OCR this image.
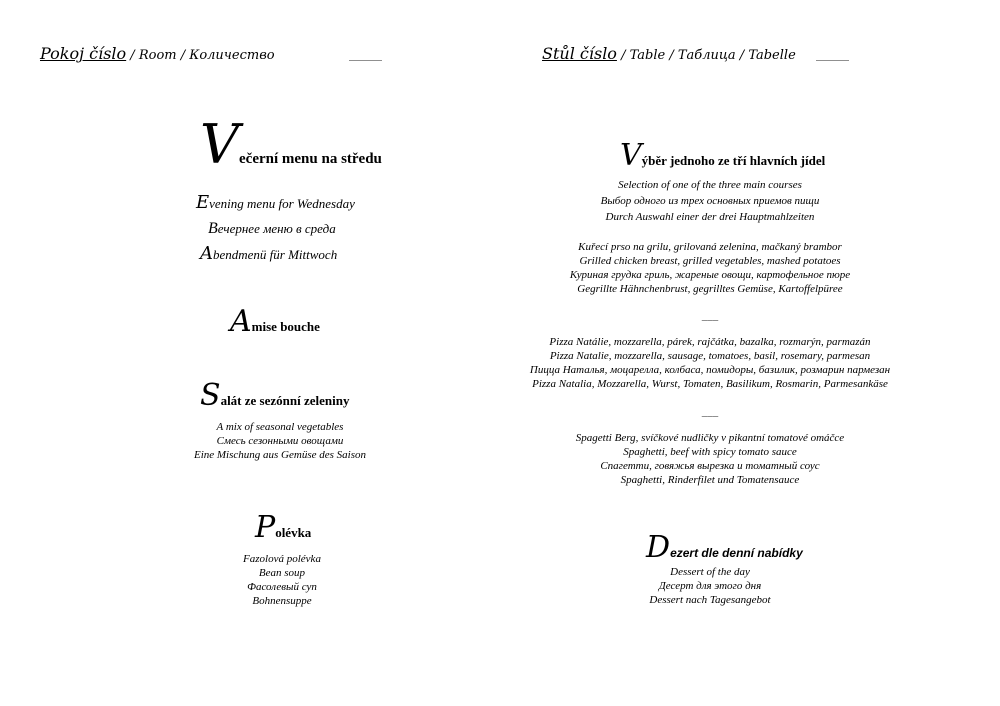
Pokoj číslo / Room / Количество	______	Stůl číslo / Table / Таблица / Tabelle ______
Večerní menu na středu
Evening menu for Wednesday
Вечернее меню в среда
Abendmenü für Mittwoch
Amise bouche
Salát ze sezónní zeleniny
A mix of seasonal vegetables
Смесь сезонными овощами
Eine Mischung aus Gemüse des Saison
Polévka
Fazolová polévka
Bean soup
Фасолевый суп
Bohnensuppe
Výběr jednoho ze tří hlavních jídel
Selection of one of the three main courses
Выбор одного из трех основных приемов пищи
Durch Auswahl einer der drei Hauptmahlzeiten
Kuřecí prso na grilu, grilovaná zelenina, mačkaný brambor
Grilled chicken breast, grilled vegetables, mashed potatoes
Куриная грудка гриль, жареные овощи, картофельное пюре
Gegrillte Hähnchenbrust, gegrilltes Gemüse, Kartoffelpüree
___
Pizza Natálie, mozzarella, párek, rajčátka, bazalka, rozmarýn, parmazán
Pizza Natalie, mozzarella, sausage, tomatoes, basil, rosemary, parmesan
Пицца Наталья, моцарелла, колбаса, помидоры, базилик, розмарин пармезан
Pizza Natalia, Mozzarella, Wurst, Tomaten, Basilikum, Rosmarin, Parmesankäse
___
Spagetti Berg, svíčkové nudličky v pikantní tomatové omáčce
Spaghetti, beef with spicy tomato sauce
Спагетти, говяжья вырезка и томатный соус
Spaghetti, Rinderfilet und Tomatensauce
Dezert dle denní nabídky
Dessert of the day
Десерт для этого дня
Dessert nach Tagesangebot
